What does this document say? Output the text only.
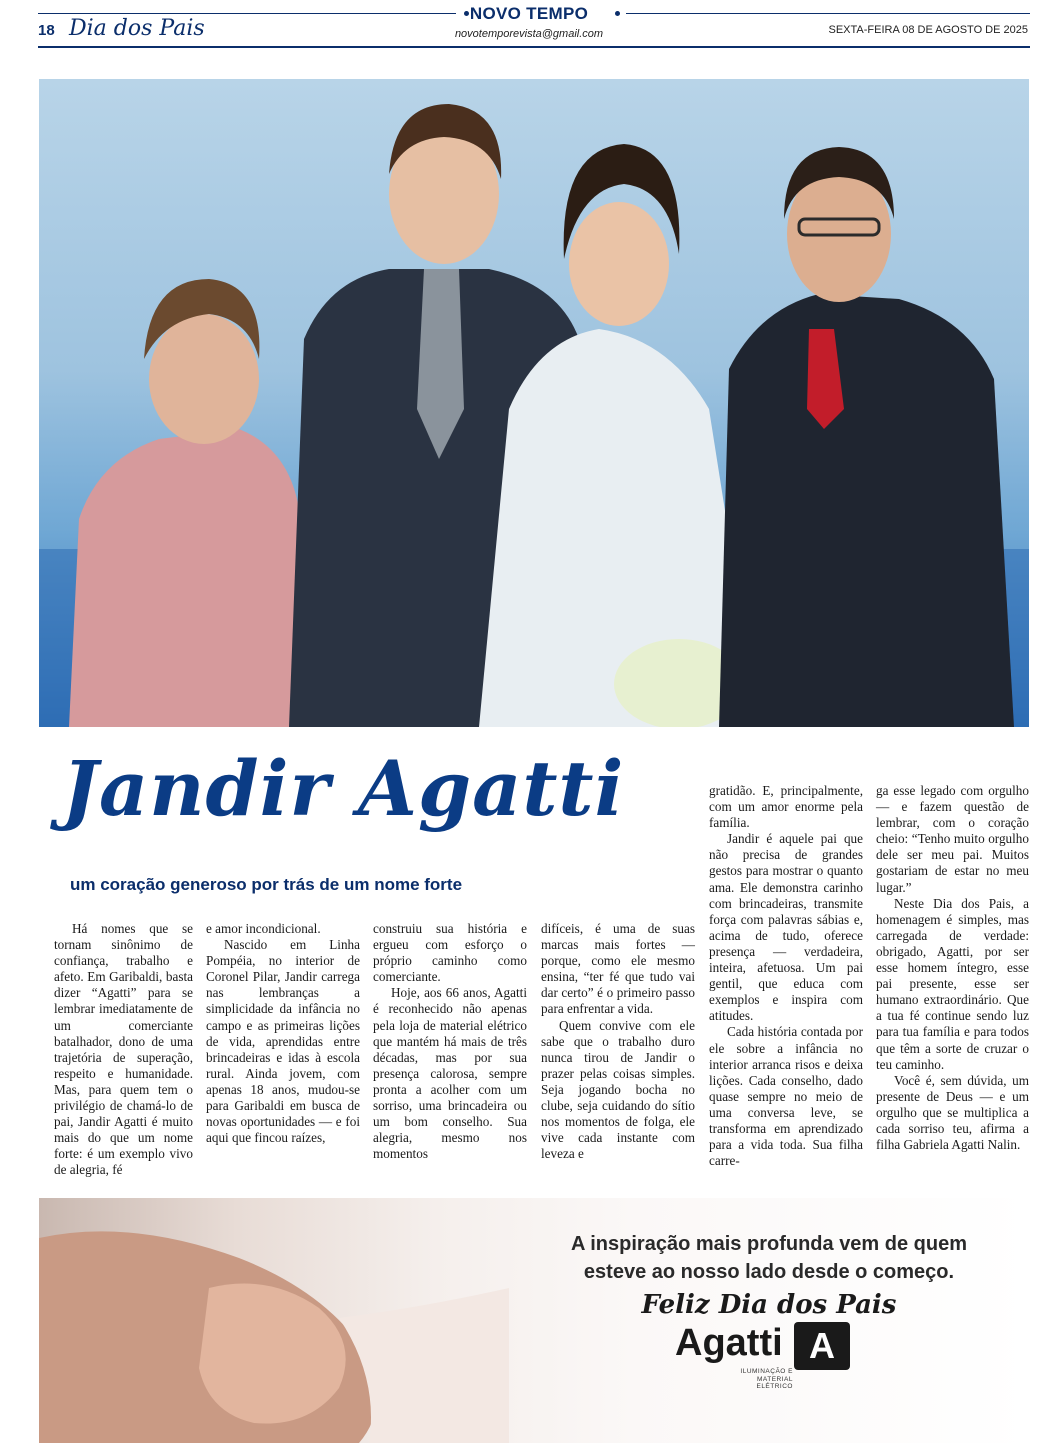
18 Dia dos Pais
NOVO TEMPO
novotemporevista@gmail.com	SEXTA-FEIRA 08 DE AGOSTO DE 2025
Jandir Agatti
um coração generoso por trás de um nome forte

Há nomes que se tornam sinônimo de confiança, trabalho e afeto. Em Garibaldi, basta dizer “Agatti” para se lembrar imediatamente de um comerciante batalhador, dono de uma trajetória de superação, respeito e humanidade. Mas, para quem tem o privilégio de chamá-lo de pai, Jandir Agatti é muito mais do que um nome forte: é um exemplo vivo de alegria, fé

e amor incondicional.

Nascido em Linha Pompéia, no interior de Coronel Pilar, Jandir carrega nas lembranças a simplicidade da infância no campo e as primeiras lições de vida, aprendidas entre brincadeiras e idas à escola rural. Ainda jovem, com apenas 18 anos, mudou-se para Garibaldi em busca de novas oportunidades — e foi aqui que fincou raízes,

construiu sua história e ergueu com esforço o próprio caminho como comerciante.

Hoje, aos 66 anos, Agatti é reconhecido não apenas pela loja de material elétrico que mantém há mais de três décadas, mas por sua presença calorosa, sempre pronta a acolher com um sorriso, uma brincadeira ou um bom conselho. Sua alegria, mesmo nos momentos

difíceis, é uma de suas marcas mais fortes — porque, como ele mesmo ensina, “ter fé que tudo vai dar certo” é o primeiro passo para enfrentar a vida.

Quem convive com ele sabe que o trabalho duro nunca tirou de Jandir o prazer pelas coisas simples. Seja jogando bocha no clube, seja cuidando do sítio nos momentos de folga, ele vive cada instante com leveza e

gratidão. E, principalmente, com um amor enorme pela família.

Jandir é aquele pai que não precisa de grandes gestos para mostrar o quanto ama. Ele demonstra carinho com brincadeiras, transmite força com palavras sábias e, acima de tudo, oferece presença — verdadeira, inteira, afetuosa. Um pai gentil, que educa com exemplos e inspira com atitudes.

Cada história contada por ele sobre a infância no interior arranca risos e deixa lições. Cada conselho, dado quase sempre no meio de uma conversa leve, se transforma em aprendizado para a vida toda. Sua filha carre-

ga esse legado com orgulho — e fazem questão de lembrar, com o coração cheio: “Tenho muito orgulho dele ser meu pai. Muitos gostariam de estar no meu lugar.”

Neste Dia dos Pais, a homenagem é simples, mas carregada de verdade: obrigado, Agatti, por ser esse homem íntegro, esse pai presente, esse ser humano extraordinário. Que a tua fé continue sendo luz para tua família e para todos que têm a sorte de cruzar o teu caminho.

Você é, sem dúvida, um presente de Deus — e um orgulho que se multiplica a cada sorriso teu, afirma a filha Gabriela Agatti Nalin.

A inspiração mais profunda vem de quem
esteve ao nosso lado desde o começo.
Feliz Dia dos Pais
Agatti A
ILUMINAÇÃO E
MATERIAL ELÉTRICO
